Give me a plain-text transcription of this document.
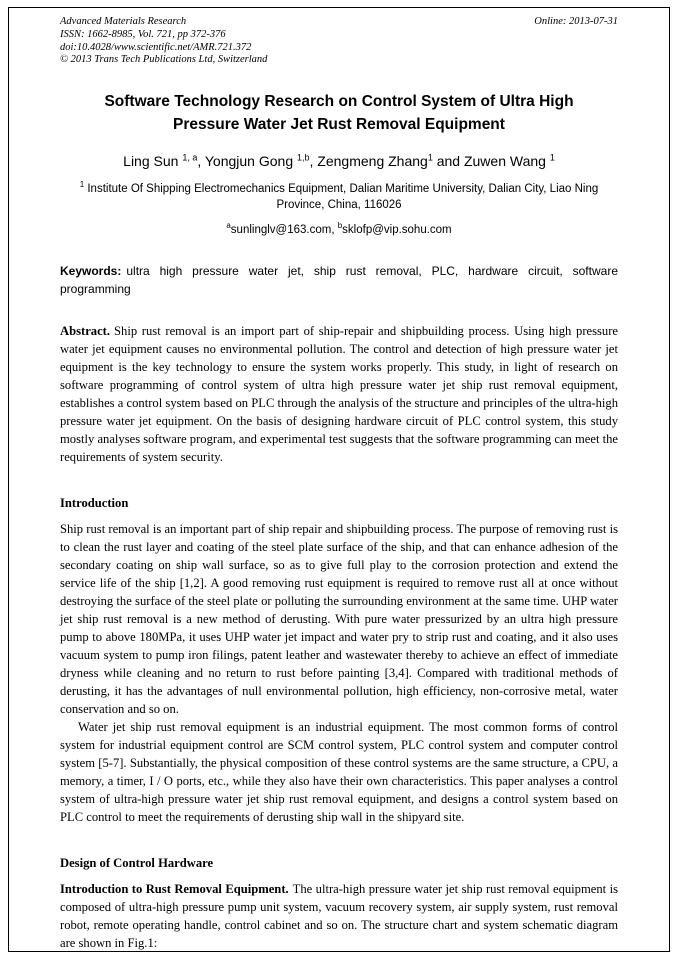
Advanced Materials Research
ISSN: 1662-8985, Vol. 721, pp 372-376
doi:10.4028/www.scientific.net/AMR.721.372
© 2013 Trans Tech Publications Ltd, Switzerland
Online: 2013-07-31
Software Technology Research on Control System of Ultra High Pressure Water Jet Rust Removal Equipment
Ling Sun $^{1, a}$, Yongjun Gong $^{1,b}$, Zengmeng Zhang$^1$ and Zuwen Wang $^1$
$^1$ Institute Of Shipping Electromechanics Equipment, Dalian Maritime University, Dalian City, Liao Ning Province, China, 116026
$^a$sunlinglv@163.com, $^b$sklofp@vip.sohu.com

Keywords: ultra high pressure water jet, ship rust removal, PLC, hardware circuit, software programming

Abstract. Ship rust removal is an import part of ship-repair and shipbuilding process. Using high pressure water jet equipment causes no environmental pollution. The control and detection of high pressure water jet equipment is the key technology to ensure the system works properly. This study, in light of research on software programming of control system of ultra high pressure water jet ship rust removal equipment, establishes a control system based on PLC through the analysis of the structure and principles of the ultra-high pressure water jet equipment. On the basis of designing hardware circuit of PLC control system, this study mostly analyses software program, and experimental test suggests that the software programming can meet the requirements of system security.

Introduction

Ship rust removal is an important part of ship repair and shipbuilding process. The purpose of removing rust is to clean the rust layer and coating of the steel plate surface of the ship, and that can enhance adhesion of the secondary coating on ship wall surface, so as to give full play to the corrosion protection and extend the service life of the ship [1,2]. A good removing rust equipment is required to remove rust all at once without destroying the surface of the steel plate or polluting the surrounding environment at the same time. UHP water jet ship rust removal is a new method of derusting. With pure water pressurized by an ultra high pressure pump to above 180MPa, it uses UHP water jet impact and water pry to strip rust and coating, and it also uses vacuum system to pump iron filings, patent leather and wastewater thereby to achieve an effect of immediate dryness while cleaning and no return to rust before painting [3,4]. Compared with traditional methods of derusting, it has the advantages of null environmental pollution, high efficiency, non-corrosive metal, water conservation and so on.

Water jet ship rust removal equipment is an industrial equipment. The most common forms of control system for industrial equipment control are SCM control system, PLC control system and computer control system [5-7]. Substantially, the physical composition of these control systems are the same structure, a CPU, a memory, a timer, I / O ports, etc., while they also have their own characteristics. This paper analyses a control system of ultra-high pressure water jet ship rust removal equipment, and designs a control system based on PLC control to meet the requirements of derusting ship wall in the shipyard site.

Design of Control Hardware

Introduction to Rust Removal Equipment. The ultra-high pressure water jet ship rust removal equipment is composed of ultra-high pressure pump unit system, vacuum recovery system, air supply system, rust removal robot, remote operating handle, control cabinet and so on. The structure chart and system schematic diagram are shown in Fig.1:
